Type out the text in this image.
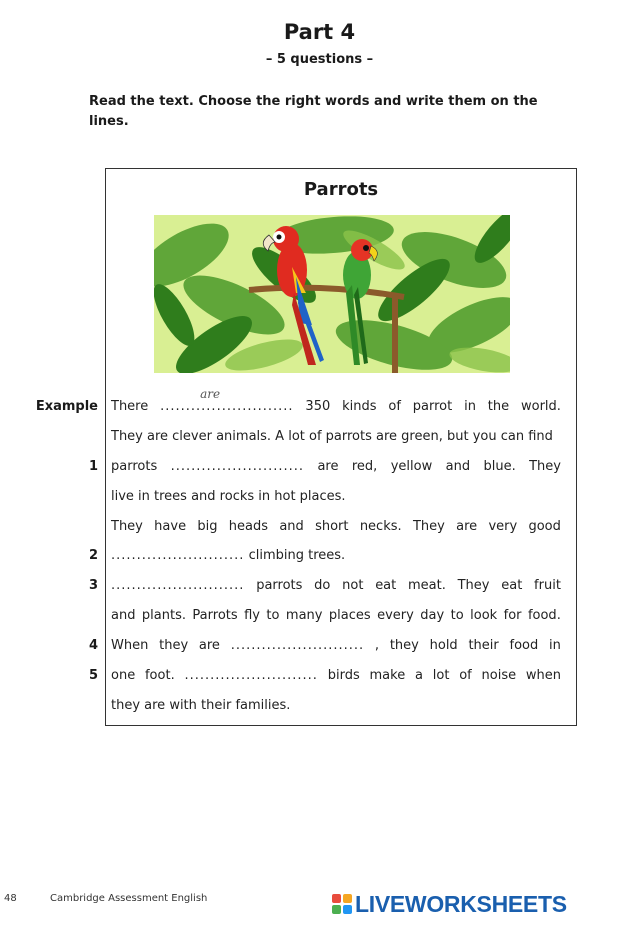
Part 4
– 5 questions –
Read the text. Choose the right words and write them on the lines.
Parrots
Example There
are
.......................... 350 kinds of parrot in the world.
They are clever animals. A lot of parrots are green, but you can find
1 parrots .......................... are red, yellow and blue. They
live in trees and rocks in hot places.
They have big heads and short necks. They are very good
2 .......................... climbing trees.
3 .......................... parrots do not eat meat. They eat fruit
and plants. Parrots fly to many places every day to look for food.
4 When they are .......................... , they hold their food in
5 one foot. .......................... birds make a lot of noise when
they are with their families.
48	Cambridge Assessment English	LIVEWORKSHEETS
